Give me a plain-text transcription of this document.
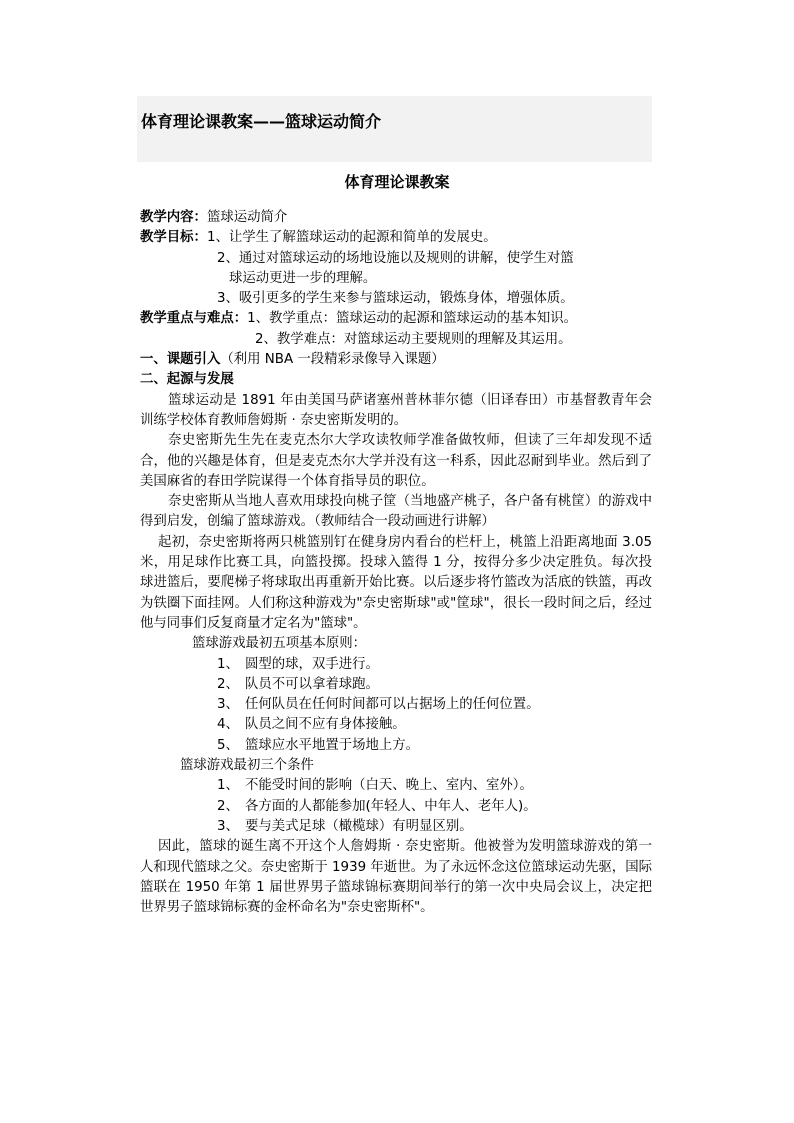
体育理论课教案——篮球运动简介
体育理论课教案
教学内容：篮球运动简介
教学目标：1、让学生了解篮球运动的起源和简单的发展史。
2、通过对篮球运动的场地设施以及规则的讲解，使学生对篮
球运动更进一步的理解。
3、吸引更多的学生来参与篮球运动，锻炼身体，增强体质。
教学重点与难点：1、教学重点：篮球运动的起源和篮球运动的基本知识。
2、教学难点：对篮球运动主要规则的理解及其运用。
一、课题引入（利用 NBA 一段精彩录像导入课题）
二、起源与发展
篮球运动是 1891 年由美国马萨诸塞州普林菲尔德（旧译春田）市基督教青年会训练学校体育教师詹姆斯 · 奈史密斯发明的。
奈史密斯先生先在麦克杰尔大学攻读牧师学准备做牧师，但读了三年却发现不适合，他的兴趣是体育，但是麦克杰尔大学并没有这一科系，因此忍耐到毕业。然后到了美国麻省的春田学院谋得一个体育指导员的职位。
奈史密斯从当地人喜欢用球投向桃子筐（当地盛产桃子，各户备有桃筐）的游戏中得到启发，创编了篮球游戏。（教师结合一段动画进行讲解）
起初，奈史密斯将两只桃篮别钉在健身房内看台的栏杆上，桃篮上沿距离地面 3.05 米，用足球作比赛工具，向篮投掷。投球入篮得 1 分，按得分多少决定胜负。每次投球进篮后，要爬梯子将球取出再重新开始比赛。以后逐步将竹篮改为活底的铁篮，再改为铁圈下面挂网。人们称这种游戏为"奈史密斯球"或"筐球"，很长一段时间之后，经过他与同事们反复商量才定名为"篮球"。
篮球游戏最初五项基本原则：
1、 圆型的球，双手进行。
2、 队员不可以拿着球跑。
3、 任何队员在任何时间都可以占据场上的任何位置。
4、 队员之间不应有身体接触。
5、 篮球应水平地置于场地上方。
篮球游戏最初三个条件
1、 不能受时间的影响（白天、晚上、室内、室外）。
2、 各方面的人都能参加(年轻人、中年人、老年人)。
3、 要与美式足球（橄榄球）有明显区别。
因此，篮球的诞生离不开这个人詹姆斯 · 奈史密斯。他被誉为发明篮球游戏的第一人和现代篮球之父。奈史密斯于 1939 年逝世。为了永远怀念这位篮球运动先驱，国际篮联在 1950 年第 1 届世界男子篮球锦标赛期间举行的第一次中央局会议上，决定把世界男子篮球锦标赛的金杯命名为"奈史密斯杯"。
